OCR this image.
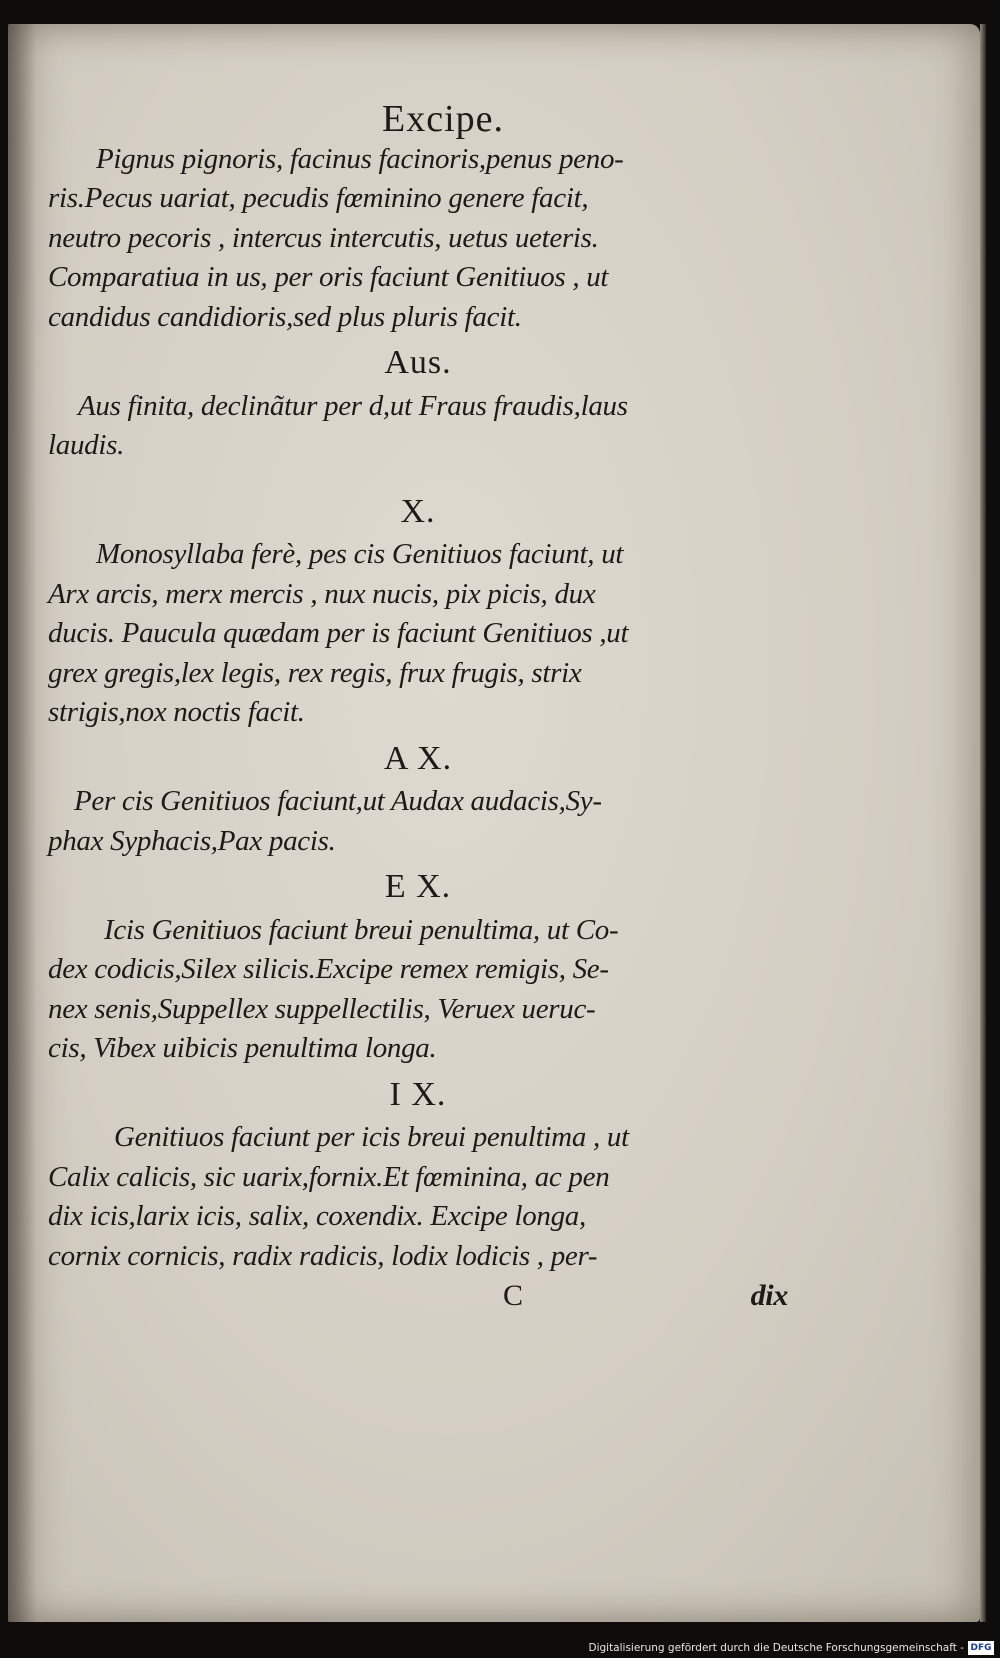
Excipe.
Pignus pignoris, facinus facinoris,penus peno-
ris.Pecus uariat, pecudis fœminino genere facit,
neutro pecoris , intercus intercutis, uetus ueteris.
Comparatiua in us, per oris faciunt Genitiuos , ut
candidus candidioris,sed plus pluris facit.
Aus.
Aus finita, declinãtur per d,ut Fraus fraudis,laus
laudis.
X.
Monosyllaba ferè, pes cis Genitiuos faciunt, ut
Arx arcis, merx mercis , nux nucis, pix picis, dux
ducis. Paucula quædam per is faciunt Genitiuos ,ut
grex gregis,lex legis, rex regis, frux frugis, strix
strigis,nox noctis facit.
A X.
Per cis Genitiuos faciunt,ut Audax audacis,Sy-
phax Syphacis,Pax pacis.
E X.
Icis Genitiuos faciunt breui penultima, ut Co-
dex codicis,Silex silicis.Excipe remex remigis, Se-
nex senis,Suppellex suppellectilis, Veruex ueruc-
cis, Vibex uibicis penultima longa.
I X.
Genitiuos faciunt per icis breui penultima , ut
Calix calicis, sic uarix,fornix.Et fœminina, ac pen
dix icis,larix icis, salix, coxendix. Excipe longa,
cornix cornicis, radix radicis, lodix lodicis , per-
C	dix
Digitalisierung gefördert durch die Deutsche Forschungsgemeinschaft - DFG
